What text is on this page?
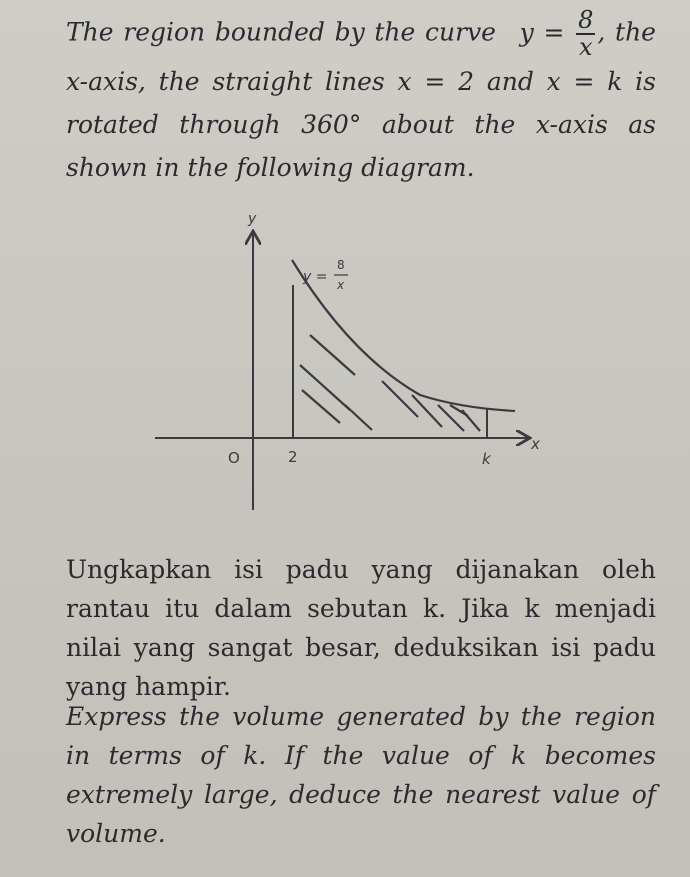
The region bounded by the curve $y = \frac{8}{x}$ , the x-axis, the straight lines x = 2 and x = k is rotated through 360° about the x-axis as shown in the following diagram.
y
x
O	2	k
y =
8
x
Ungkapkan isi padu yang dijanakan oleh rantau itu dalam sebutan k. Jika k menjadi nilai yang sangat besar, deduksikan isi padu yang hampir.
Express the volume generated by the region in terms of k. If the value of k becomes extremely large, deduce the nearest value of volume.
